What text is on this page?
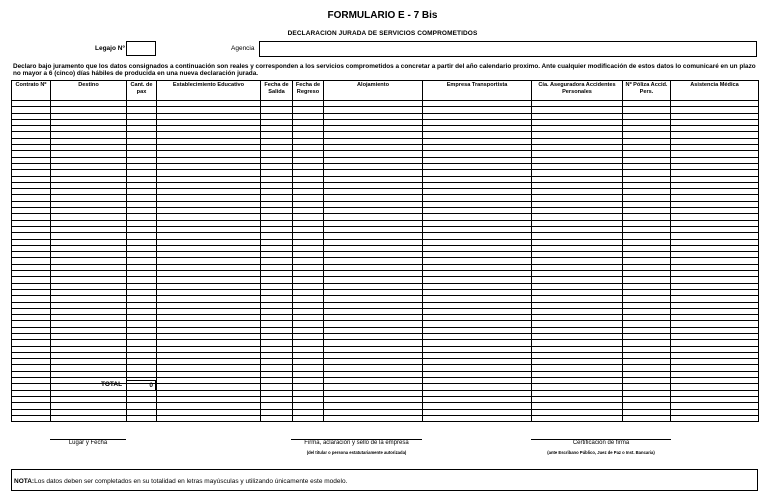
FORMULARIO E - 7 Bis
DECLARACION JURADA DE SERVICIOS COMPROMETIDOS
Legajo Nº	Agencia
Declaro bajo juramento que los datos consignados a continuación son reales y corresponden a los servicios comprometidos a concretar a partir del año calendario proximo. Ante cualquier modificación de estos datos lo comunicaré en un plazo no mayor a 6 (cinco) días hábiles de producida en una nueva declaración jurada.
Contrato Nº	Destino	Cant. de pax	Establecimiento Educativo	Fecha de Salida	Fecha de Regreso	Alojamiento	Empresa Transportista	Cía. Aseguradora Accidentes Personales	Nº Póliza Accid. Pers.	Asistencia Médica

TOTAL	0
Lugar y Fecha	Firma, aclaración y sello de la empresa
(del titular o persona estatutariamente autorizada)
Certificación de firma
(ante Escribano Público, Juez de Paz o Inst. Bancaria)
NOTA:Los datos deben ser completados en su totalidad en letras mayúsculas y utilizando únicamente este modelo.
